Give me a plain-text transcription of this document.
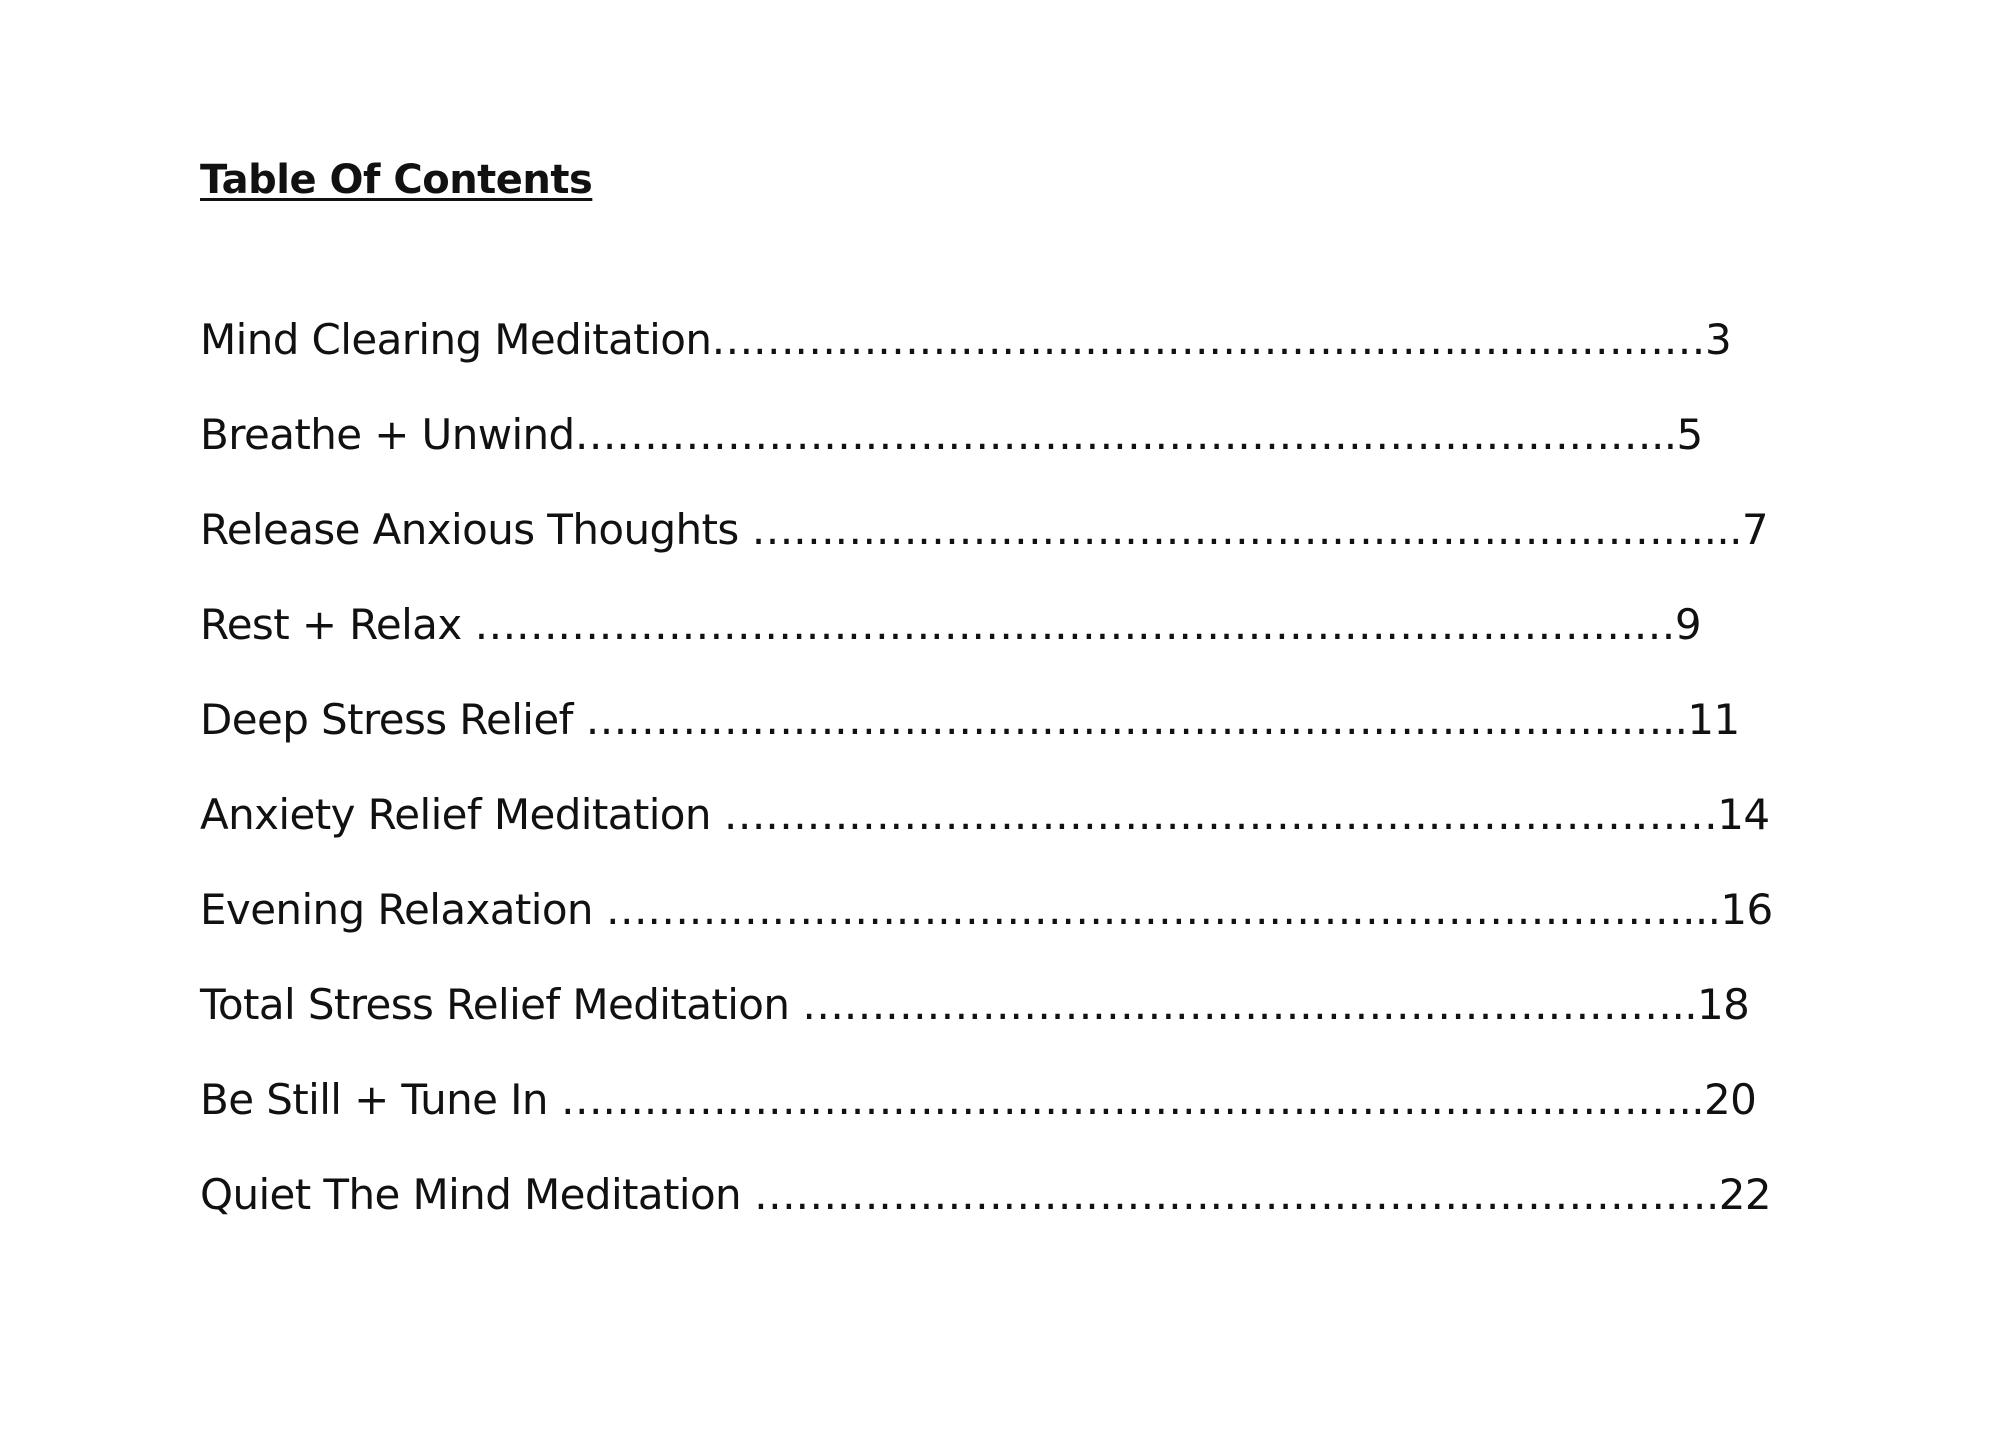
Table Of Contents
Mind Clearing Meditation………………………………………………………………3
Breathe + Unwind……………………………………………………………………..5
Release Anxious Thoughts ……………………………………………………………...7
Rest + Relax ……………………………………………………………………………9
Deep Stress Relief ……………………………………………………………………..11
Anxiety Relief Meditation ………………………………………………………………14
Evening Relaxation ……………………………………………………………………...16
Total Stress Relief Meditation ………………………………………………………..18
Be Still + Tune In ………………………………………………………………………..20
Quiet The Mind Meditation …………………………………………………………….22
